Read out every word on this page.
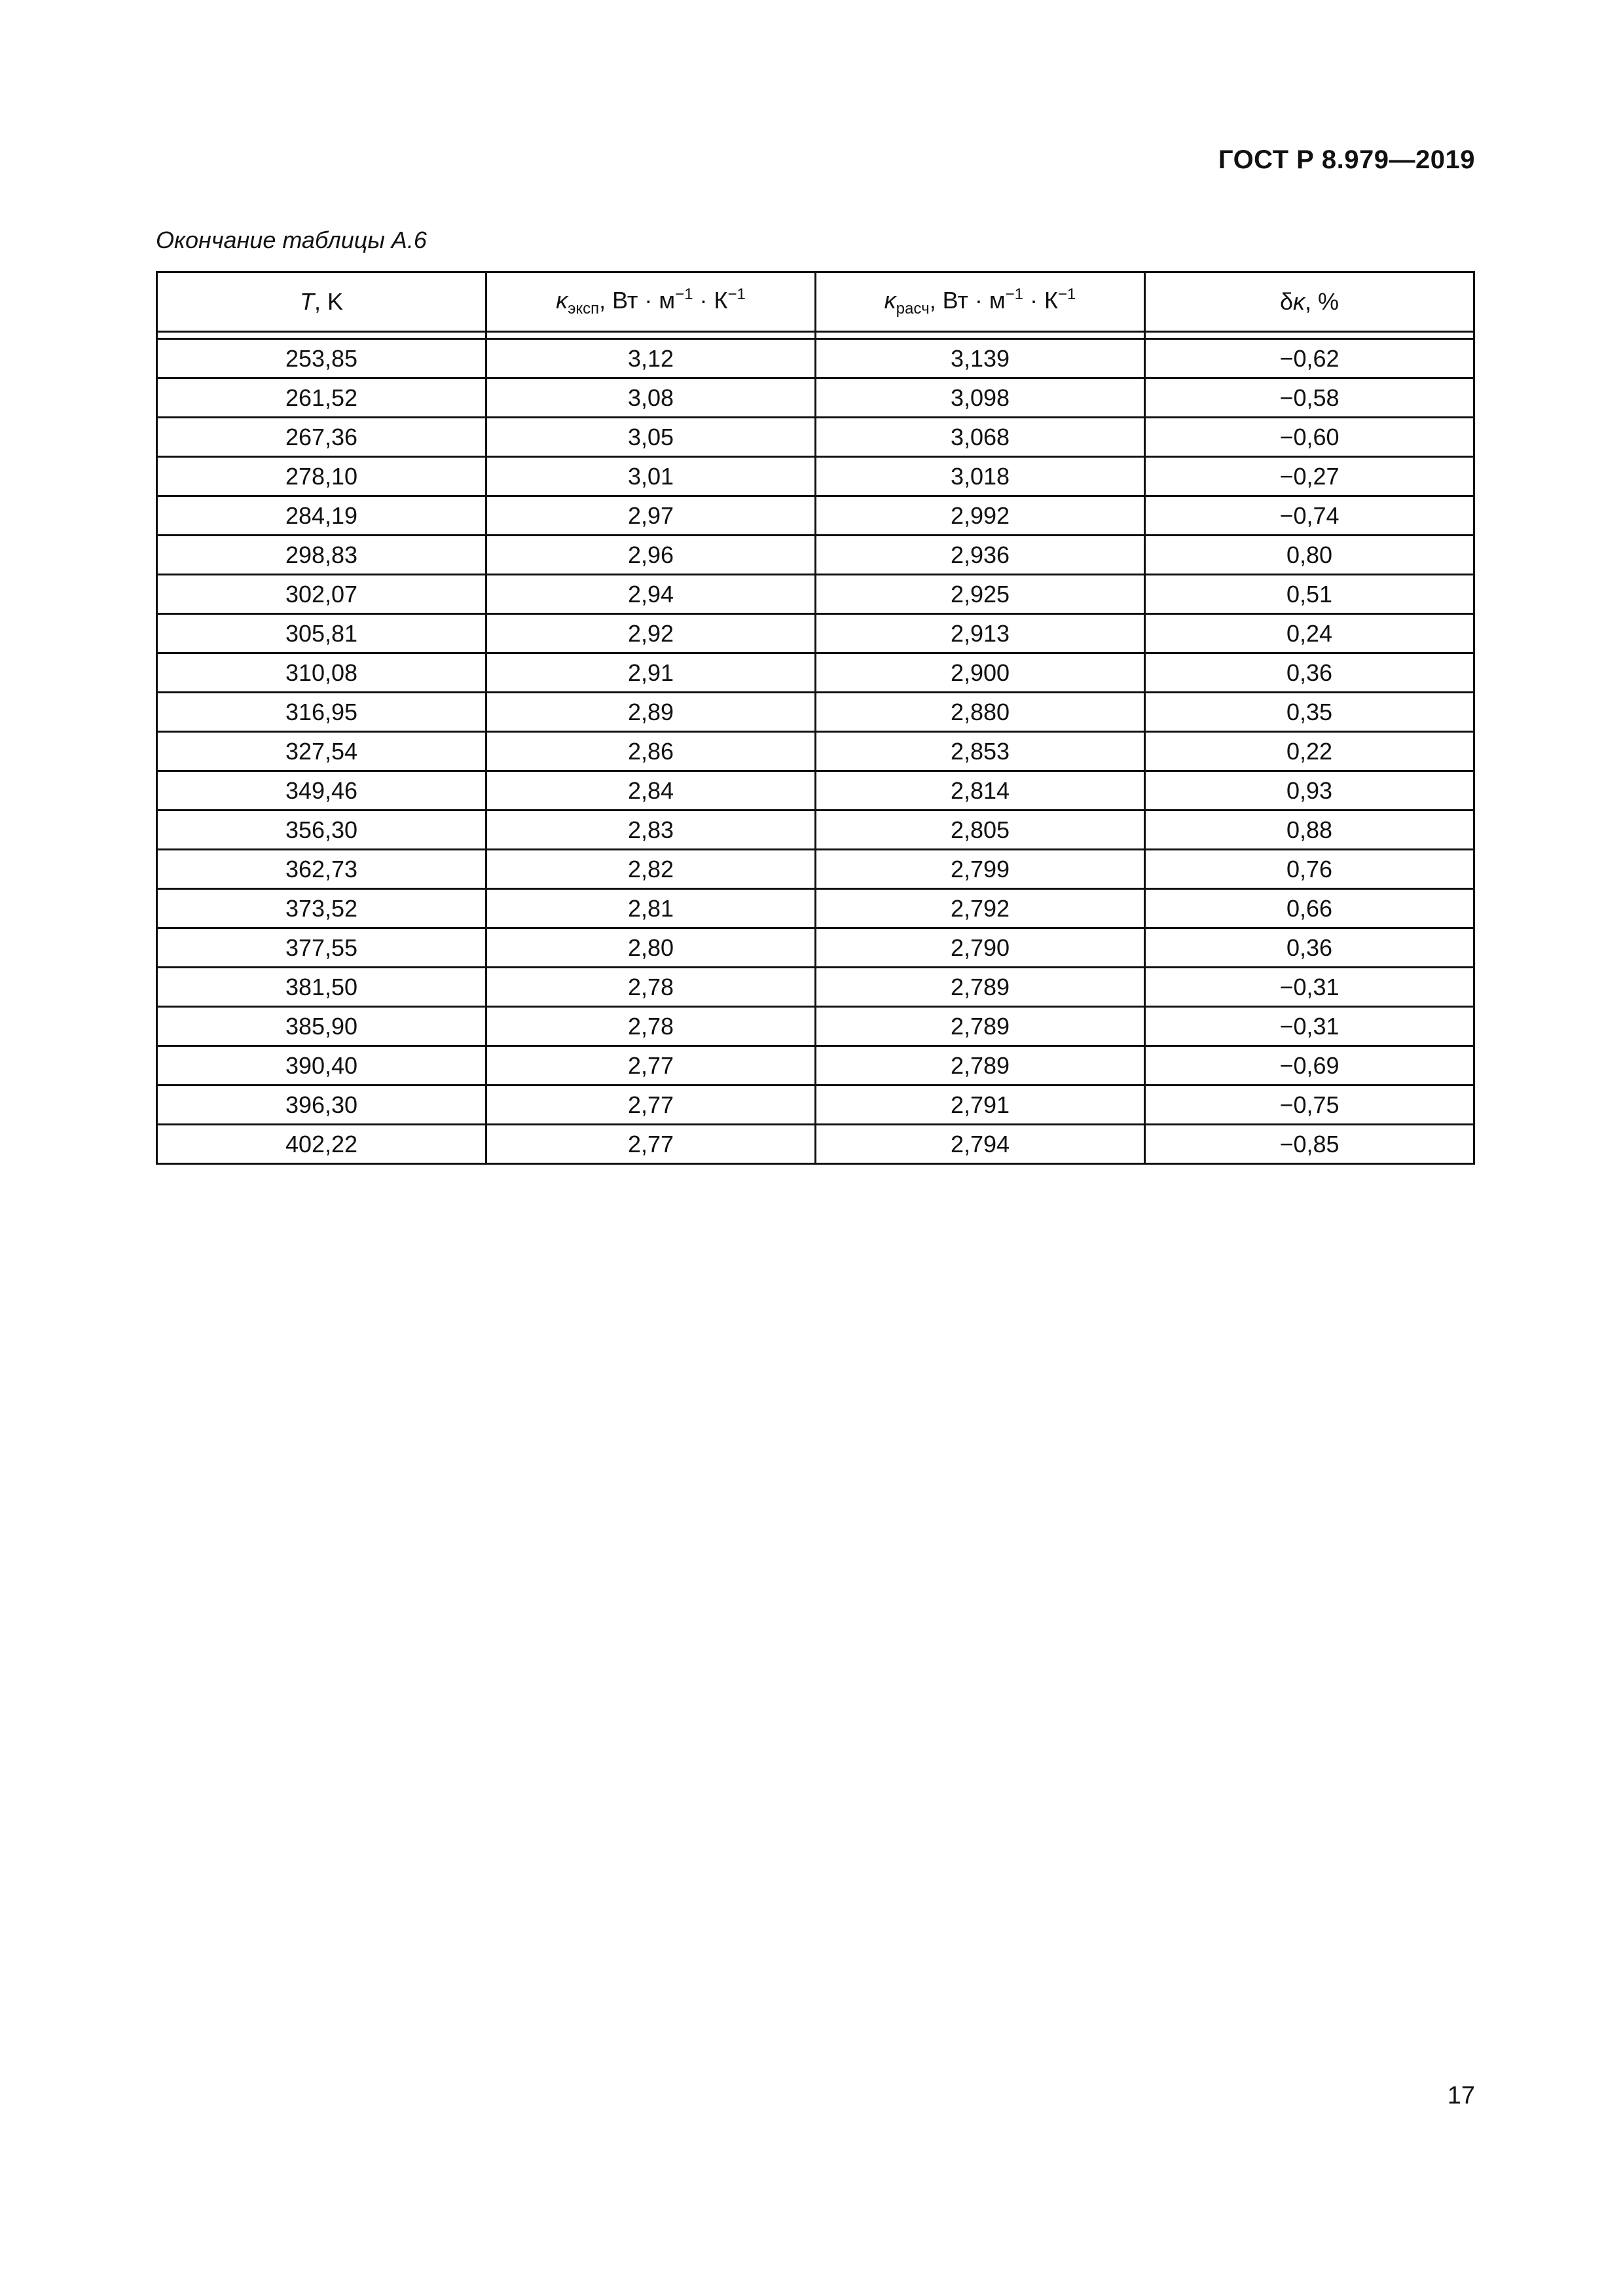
ГОСТ Р 8.979—2019
Окончание таблицы А.6
T, K	$\kappa_{эксп}$, Вт · $м^{-1} \cdot К^{-1}$	$\kappa_{расч}$, Вт · $м^{-1} \cdot К^{-1}$	δκ, %

253,85	3,12	3,139	−0,62
261,52	3,08	3,098	−0,58
267,36	3,05	3,068	−0,60
278,10	3,01	3,018	−0,27
284,19	2,97	2,992	−0,74
298,83	2,96	2,936	0,80
302,07	2,94	2,925	0,51
305,81	2,92	2,913	0,24
310,08	2,91	2,900	0,36
316,95	2,89	2,880	0,35
327,54	2,86	2,853	0,22
349,46	2,84	2,814	0,93
356,30	2,83	2,805	0,88
362,73	2,82	2,799	0,76
373,52	2,81	2,792	0,66
377,55	2,80	2,790	0,36
381,50	2,78	2,789	−0,31
385,90	2,78	2,789	−0,31
390,40	2,77	2,789	−0,69
396,30	2,77	2,791	−0,75
402,22	2,77	2,794	−0,85
17
